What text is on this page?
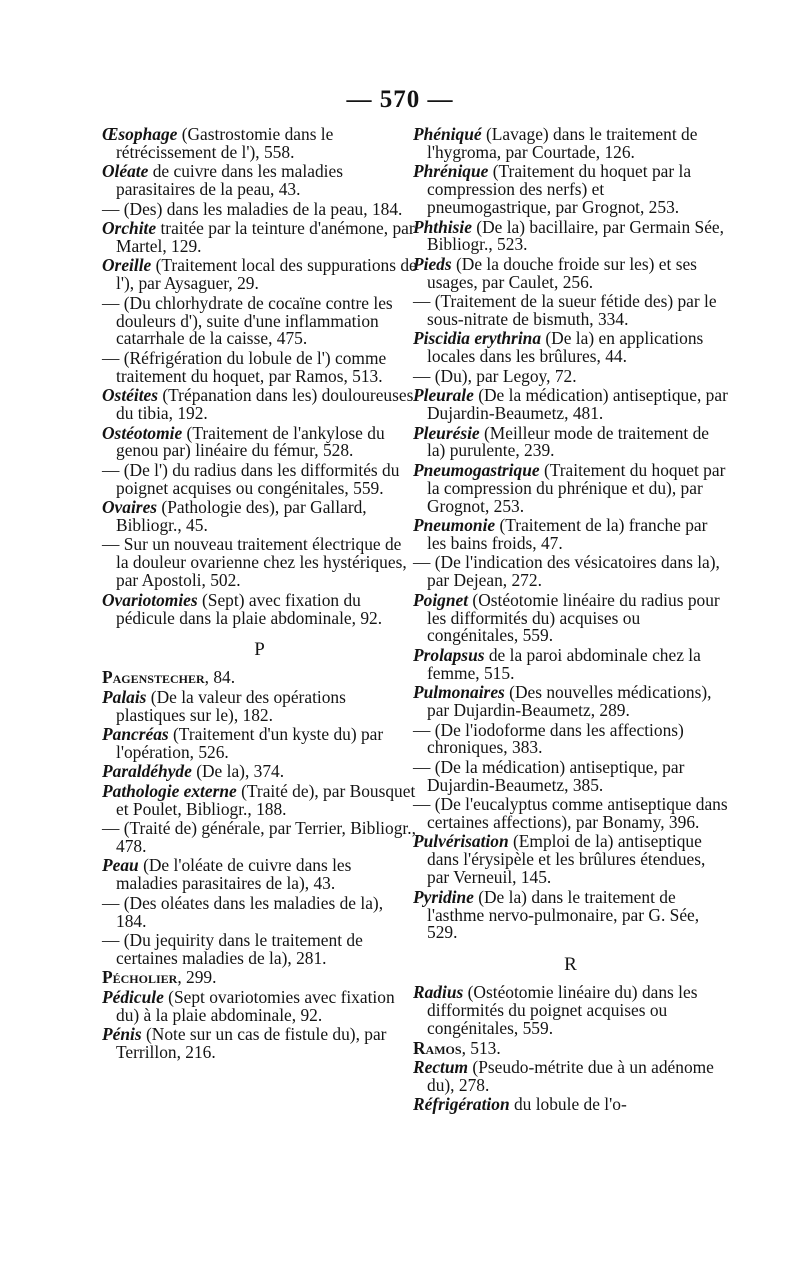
— 570 —

Œsophage (Gastrostomie dans le rétrécissement de l'), 558.

Oléate de cuivre dans les maladies parasitaires de la peau, 43.

— (Des) dans les maladies de la peau, 184.

Orchite traitée par la teinture d'anémone, par Martel, 129.

Oreille (Traitement local des suppurations de l'), par Aysaguer, 29.

— (Du chlorhydrate de cocaïne contre les douleurs d'), suite d'une inflammation catarrhale de la caisse, 475.

— (Réfrigération du lobule de l') comme traitement du hoquet, par Ramos, 513.

Ostéites (Trépanation dans les) douloureuses du tibia, 192.

Ostéotomie (Traitement de l'ankylose du genou par) linéaire du fémur, 528.

— (De l') du radius dans les difformités du poignet acquises ou congénitales, 559.

Ovaires (Pathologie des), par Gallard, Bibliogr., 45.

— Sur un nouveau traitement électrique de la douleur ovarienne chez les hystériques, par Apostoli, 502.

Ovariotomies (Sept) avec fixation du pédicule dans la plaie abdominale, 92.

P

Pagenstecher, 84.

Palais (De la valeur des opérations plastiques sur le), 182.

Pancréas (Traitement d'un kyste du) par l'opération, 526.

Paraldéhyde (De la), 374.

Pathologie externe (Traité de), par Bousquet et Poulet, Bibliogr., 188.

— (Traité de) générale, par Terrier, Bibliogr., 478.

Peau (De l'oléate de cuivre dans les maladies parasitaires de la), 43.

— (Des oléates dans les maladies de la), 184.

— (Du jequirity dans le traitement de certaines maladies de la), 281.

Pécholier, 299.

Pédicule (Sept ovariotomies avec fixation du) à la plaie abdominale, 92.

Pénis (Note sur un cas de fistule du), par Terrillon, 216.

Phéniqué (Lavage) dans le traitement de l'hygroma, par Courtade, 126.

Phrénique (Traitement du hoquet par la compression des nerfs) et pneumogastrique, par Grognot, 253.

Phthisie (De la) bacillaire, par Germain Sée, Bibliogr., 523.

Pieds (De la douche froide sur les) et ses usages, par Caulet, 256.

— (Traitement de la sueur fétide des) par le sous-nitrate de bismuth, 334.

Piscidia erythrina (De la) en applications locales dans les brûlures, 44.

— (Du), par Legoy, 72.

Pleurale (De la médication) antiseptique, par Dujardin-Beaumetz, 481.

Pleurésie (Meilleur mode de traitement de la) purulente, 239.

Pneumogastrique (Traitement du hoquet par la compression du phrénique et du), par Grognot, 253.

Pneumonie (Traitement de la) franche par les bains froids, 47.

— (De l'indication des vésicatoires dans la), par Dejean, 272.

Poignet (Ostéotomie linéaire du radius pour les difformités du) acquises ou congénitales, 559.

Prolapsus de la paroi abdominale chez la femme, 515.

Pulmonaires (Des nouvelles médications), par Dujardin-Beaumetz, 289.

— (De l'iodoforme dans les affections) chroniques, 383.

— (De la médication) antiseptique, par Dujardin-Beaumetz, 385.

— (De l'eucalyptus comme antiseptique dans certaines affections), par Bonamy, 396.

Pulvérisation (Emploi de la) antiseptique dans l'érysipèle et les brûlures étendues, par Verneuil, 145.

Pyridine (De la) dans le traitement de l'asthme nervo-pulmonaire, par G. Sée, 529.

R

Radius (Ostéotomie linéaire du) dans les difformités du poignet acquises ou congénitales, 559.

Ramos, 513.

Rectum (Pseudo-métrite due à un adénome du), 278.

Réfrigération du lobule de l'o-
